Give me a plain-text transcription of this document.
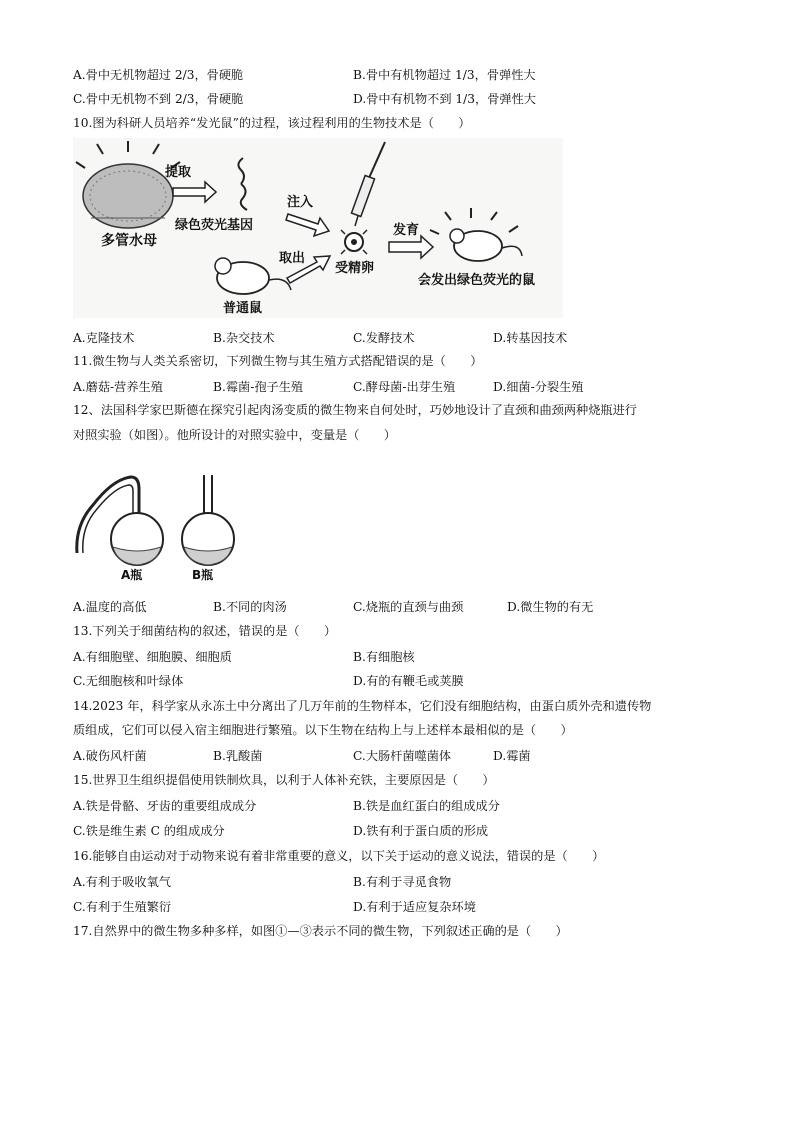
A.骨中无机物超过 2/3，骨硬脆	B.骨中有机物超过 1/3，骨弹性大
C.骨中无机物不到 2/3，骨硬脆	D.骨中有机物不到 1/3，骨弹性大
10.图为科研人员培养“发光鼠”的过程，该过程利用的生物技术是（　　）
多管水母
提取
绿色荧光基因
注入
受精卵
发育
会发出绿色荧光的鼠
取出
普通鼠
A.克隆技术	B.杂交技术	C.发酵技术	D.转基因技术
11.微生物与人类关系密切，下列微生物与其生殖方式搭配错误的是（　　）
A.蘑菇-营养生殖	B.霉菌-孢子生殖	C.酵母菌-出芽生殖	D.细菌-分裂生殖
12、法国科学家巴斯德在探究引起肉汤变质的微生物来自何处时，巧妙地设计了直颈和曲颈两种烧瓶进行
对照实验（如图）。他所设计的对照实验中，变量是（　　）
A瓶	B瓶
A.温度的高低	B.不同的肉汤	C.烧瓶的直颈与曲颈	D.微生物的有无
13.下列关于细菌结构的叙述，错误的是（　　）
A.有细胞壁、细胞膜、细胞质	B.有细胞核
C.无细胞核和叶绿体	D.有的有鞭毛或荚膜
14.2023 年，科学家从永冻土中分离出了几万年前的生物样本，它们没有细胞结构，由蛋白质外壳和遗传物
质组成，它们可以侵入宿主细胞进行繁殖。以下生物在结构上与上述样本最相似的是（　　）
A.破伤风杆菌	B.乳酸菌	C.大肠杆菌噬菌体	D.霉菌
15.世界卫生组织提倡使用铁制炊具，以利于人体补充铁，主要原因是（　　）
A.铁是骨骼、牙齿的重要组成成分	B.铁是血红蛋白的组成成分
C.铁是维生素 C 的组成成分	D.铁有利于蛋白质的形成
16.能够自由运动对于动物来说有着非常重要的意义，以下关于运动的意义说法，错误的是（　　）
A.有利于吸收氧气	B.有利于寻觅食物
C.有利于生殖繁衍	D.有利于适应复杂环境
17.自然界中的微生物多种多样，如图①—③表示不同的微生物，下列叙述正确的是（　　）
